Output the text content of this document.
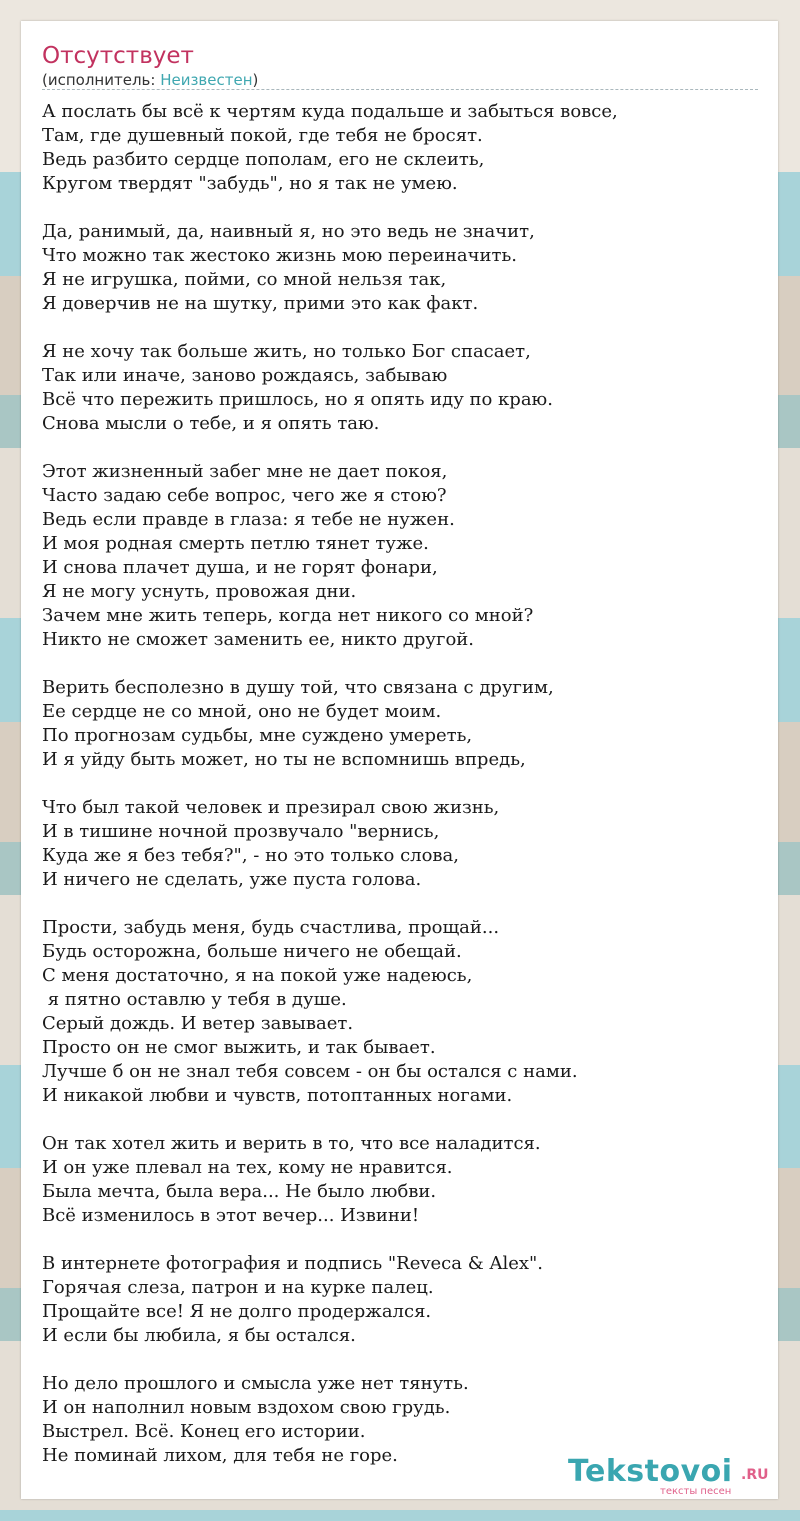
Отсутствует
(исполнитель: Неизвестен)
А послать бы всё к чертям куда подальше и забыться вовсе,
Там, где душевный покой, где тебя не бросят.
Ведь разбито сердце пополам, его не склеить,
Кругом твердят "забудь", но я так не умею.
Да, ранимый, да, наивный я, но это ведь не значит,
Что можно так жестоко жизнь мою переиначить.
Я не игрушка, пойми, со мной нельзя так,
Я доверчив не на шутку, прими это как факт.
Я не хочу так больше жить, но только Бог спасает,
Так или иначе, заново рождаясь, забываю
Всё что пережить пришлось, но я опять иду по краю.
Снова мысли о тебе, и я опять таю.
Этот жизненный забег мне не дает покоя,
Часто задаю себе вопрос, чего же я стою?
Ведь если правде в глаза: я тебе не нужен.
И моя родная смерть петлю тянет туже.
И снова плачет душа, и не горят фонари,
Я не могу уснуть, провожая дни.
Зачем мне жить теперь, когда нет никого со мной?
Никто не сможет заменить ее, никто другой.
Верить бесполезно в душу той, что связана с другим,
Ее сердце не со мной, оно не будет моим.
По прогнозам судьбы, мне суждено умереть,
И я уйду быть может, но ты не вспомнишь впредь,
Что был такой человек и презирал свою жизнь,
И в тишине ночной прозвучало "вернись,
Куда же я без тебя?", - но это только слова,
И ничего не сделать, уже пуста голова.
Прости, забудь меня, будь счастлива, прощай...
Будь осторожна, больше ничего не обещай.
С меня достаточно, я на покой уже надеюсь,
я пятно оставлю у тебя в душе.
Серый дождь. И ветер завывает.
Просто он не смог выжить, и так бывает.
Лучше б он не знал тебя совсем - он бы остался с нами.
И никакой любви и чувств, потоптанных ногами.
Он так хотел жить и верить в то, что все наладится.
И он уже плевал на тех, кому не нравится.
Была мечта, была вера... Не было любви.
Всё изменилось в этот вечер... Извини!
В интернете фотография и подпись "Reveca & Alex".
Горячая слеза, патрон и на курке палец.
Прощайте все! Я не долго продержался.
И если бы любила, я бы остался.
Но дело прошлого и смысла уже нет тянуть.
И он наполнил новым вздохом свою грудь.
Выстрел. Всё. Конец его истории.
Не поминай лихом, для тебя не горе.	Tekstovoi .RU
тексты песен
